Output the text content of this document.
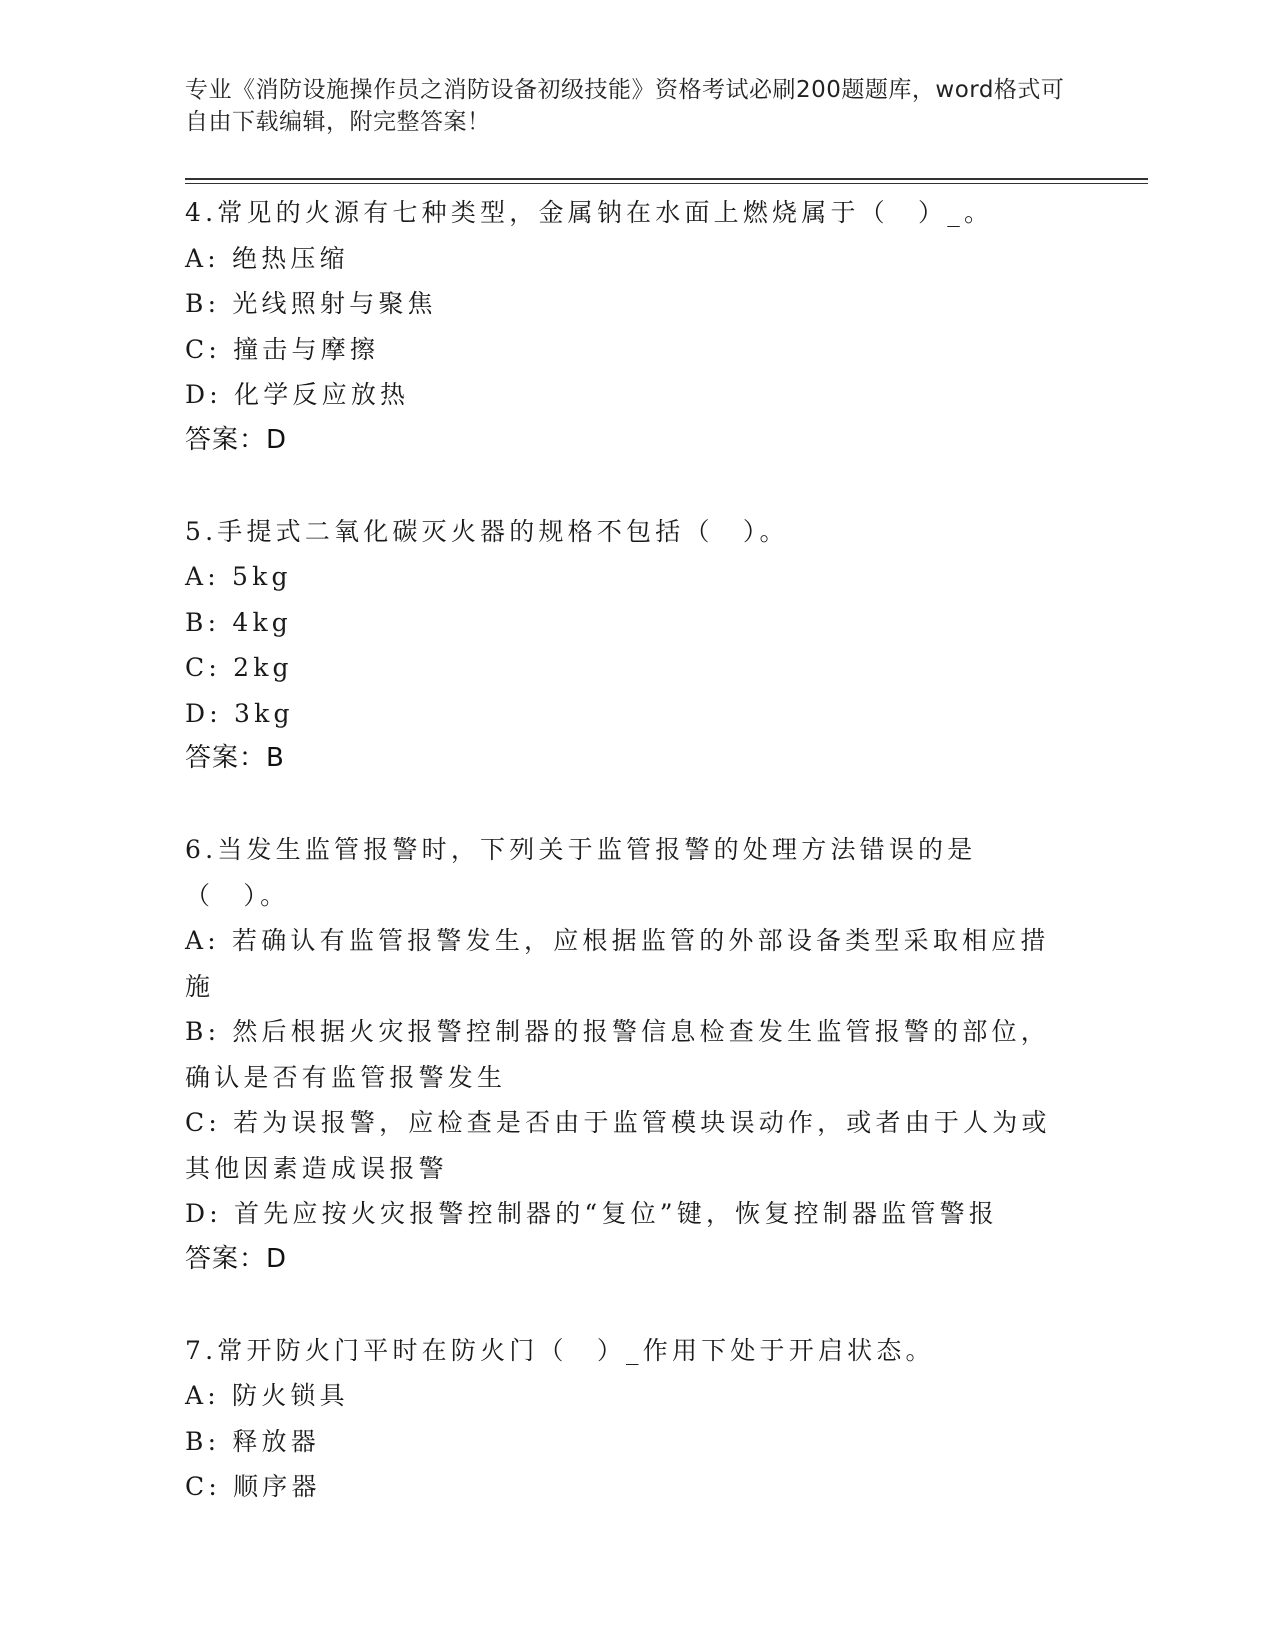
专业《消防设施操作员之消防设备初级技能》资格考试必刷200题题库，word格式可自由下载编辑，附完整答案！
4.常见的火源有七种类型，金属钠在水面上燃烧属于（　）_。
A: 绝热压缩
B: 光线照射与聚焦
C: 撞击与摩擦
D: 化学反应放热
答案：D
5.手提式二氧化碳灭火器的规格不包括（　）。
A: 5kg
B: 4kg
C: 2kg
D: 3kg
答案：B
6.当发生监管报警时，下列关于监管报警的处理方法错误的是（　）。
A: 若确认有监管报警发生，应根据监管的外部设备类型采取相应措施
B: 然后根据火灾报警控制器的报警信息检查发生监管报警的部位，确认是否有监管报警发生
C: 若为误报警，应检查是否由于监管模块误动作，或者由于人为或其他因素造成误报警
D: 首先应按火灾报警控制器的“复位”键，恢复控制器监管警报
答案：D
7.常开防火门平时在防火门（　）_作用下处于开启状态。
A: 防火锁具
B: 释放器
C: 顺序器
